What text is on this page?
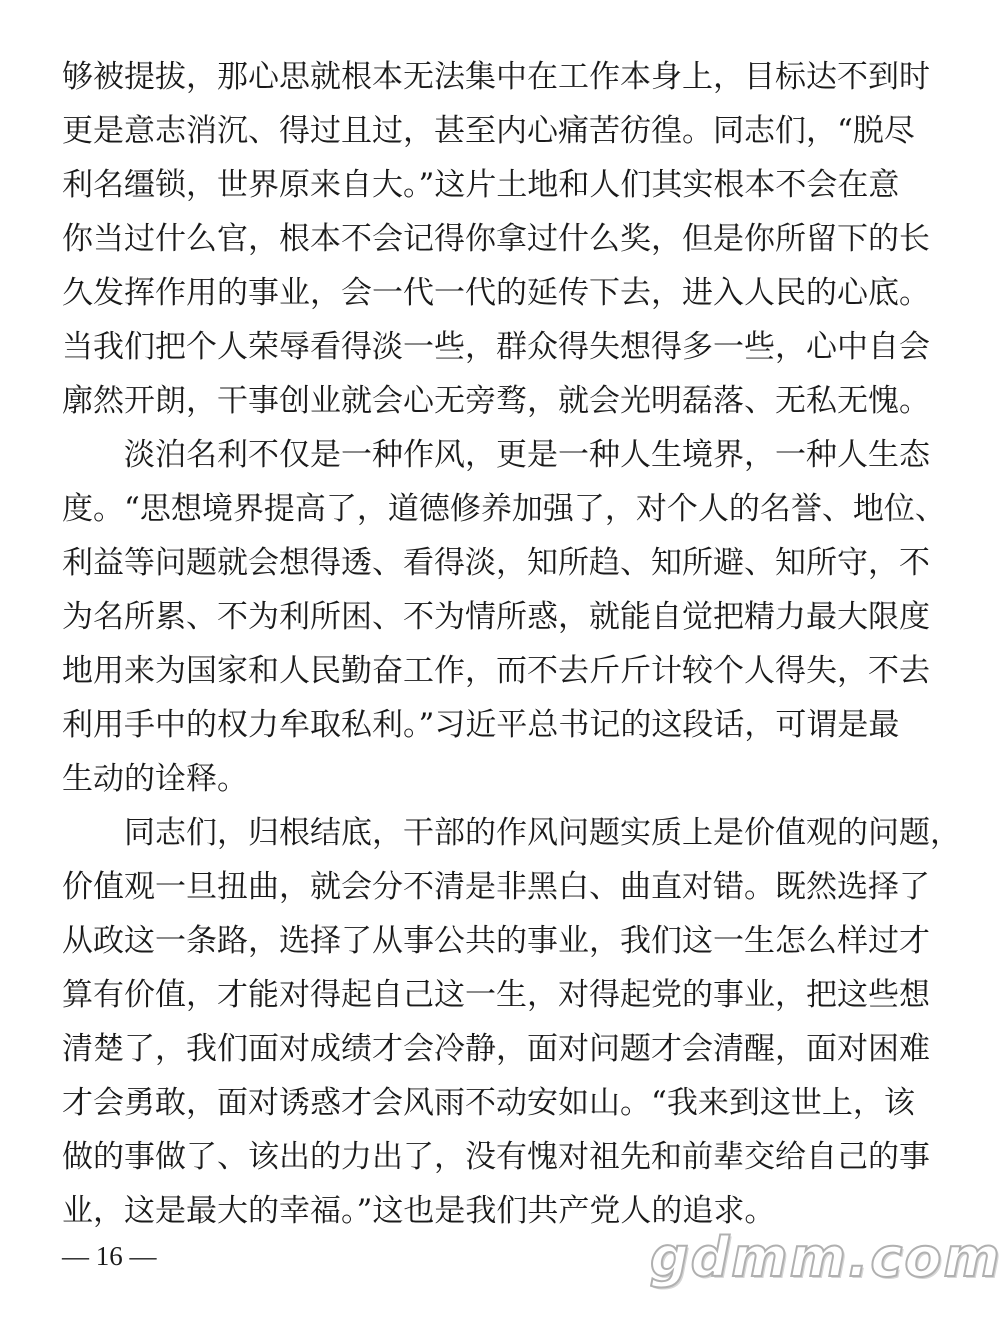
够被提拔，那心思就根本无法集中在工作本身上，目标达不到时
更是意志消沉、得过且过，甚至内心痛苦彷徨。同志们，“脱尽
利名缰锁，世界原来自大。”这片土地和人们其实根本不会在意
你当过什么官，根本不会记得你拿过什么奖，但是你所留下的长
久发挥作用的事业，会一代一代的延传下去，进入人民的心底。
当我们把个人荣辱看得淡一些，群众得失想得多一些，心中自会
廓然开朗，干事创业就会心无旁骛，就会光明磊落、无私无愧。
淡泊名利不仅是一种作风，更是一种人生境界，一种人生态
度。“思想境界提高了，道德修养加强了，对个人的名誉、地位、
利益等问题就会想得透、看得淡，知所趋、知所避、知所守，不
为名所累、不为利所困、不为情所惑，就能自觉把精力最大限度
地用来为国家和人民勤奋工作，而不去斤斤计较个人得失，不去
利用手中的权力牟取私利。”习近平总书记的这段话，可谓是最
生动的诠释。
同志们，归根结底，干部的作风问题实质上是价值观的问题，
价值观一旦扭曲，就会分不清是非黑白、曲直对错。既然选择了
从政这一条路，选择了从事公共的事业，我们这一生怎么样过才
算有价值，才能对得起自己这一生，对得起党的事业，把这些想
清楚了，我们面对成绩才会冷静，面对问题才会清醒，面对困难
才会勇敢，面对诱惑才会风雨不动安如山。“我来到这世上，该
做的事做了、该出的力出了，没有愧对祖先和前辈交给自己的事
业，这是最大的幸福。”这也是我们共产党人的追求。
— 16 —	gdmm.com
